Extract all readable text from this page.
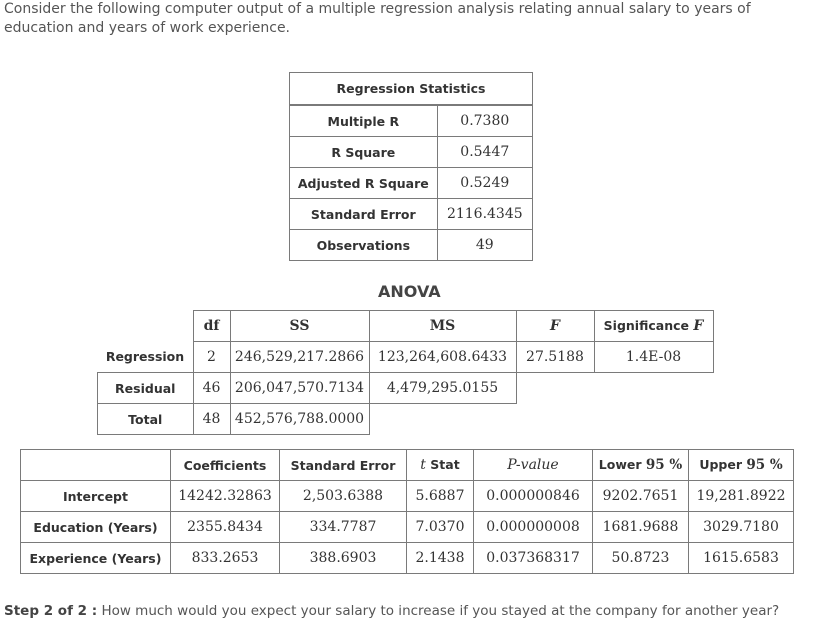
Consider the following computer output of a multiple regression analysis relating annual salary to years of education and years of work experience.
Regression Statistics	
Multiple R	0.7380
R Square	0.5447
Adjusted R Square	0.5249
Standard Error	2116.4345
Observations	49
ANOVA
	df	SS	MS	F	Significance F
Regression	2	246,529,217.2866	123,264,608.6433	27.5188	1.4E-08
Residual	46	206,047,570.7134	4,479,295.0155		
Total	48	452,576,788.0000			
	Coefficients	Standard Error	t Stat	P-value	Lower 95 %	Upper 95 %
Intercept	14242.32863	2,503.6388	5.6887	0.000000846	9202.7651	19,281.8922
Education (Years)	2355.8434	334.7787	7.0370	0.000000008	1681.9688	3029.7180
Experience (Years)	833.2653	388.6903	2.1438	0.037368317	50.8723	1615.6583
Step 2 of 2 : How much would you expect your salary to increase if you stayed at the company for another year?
